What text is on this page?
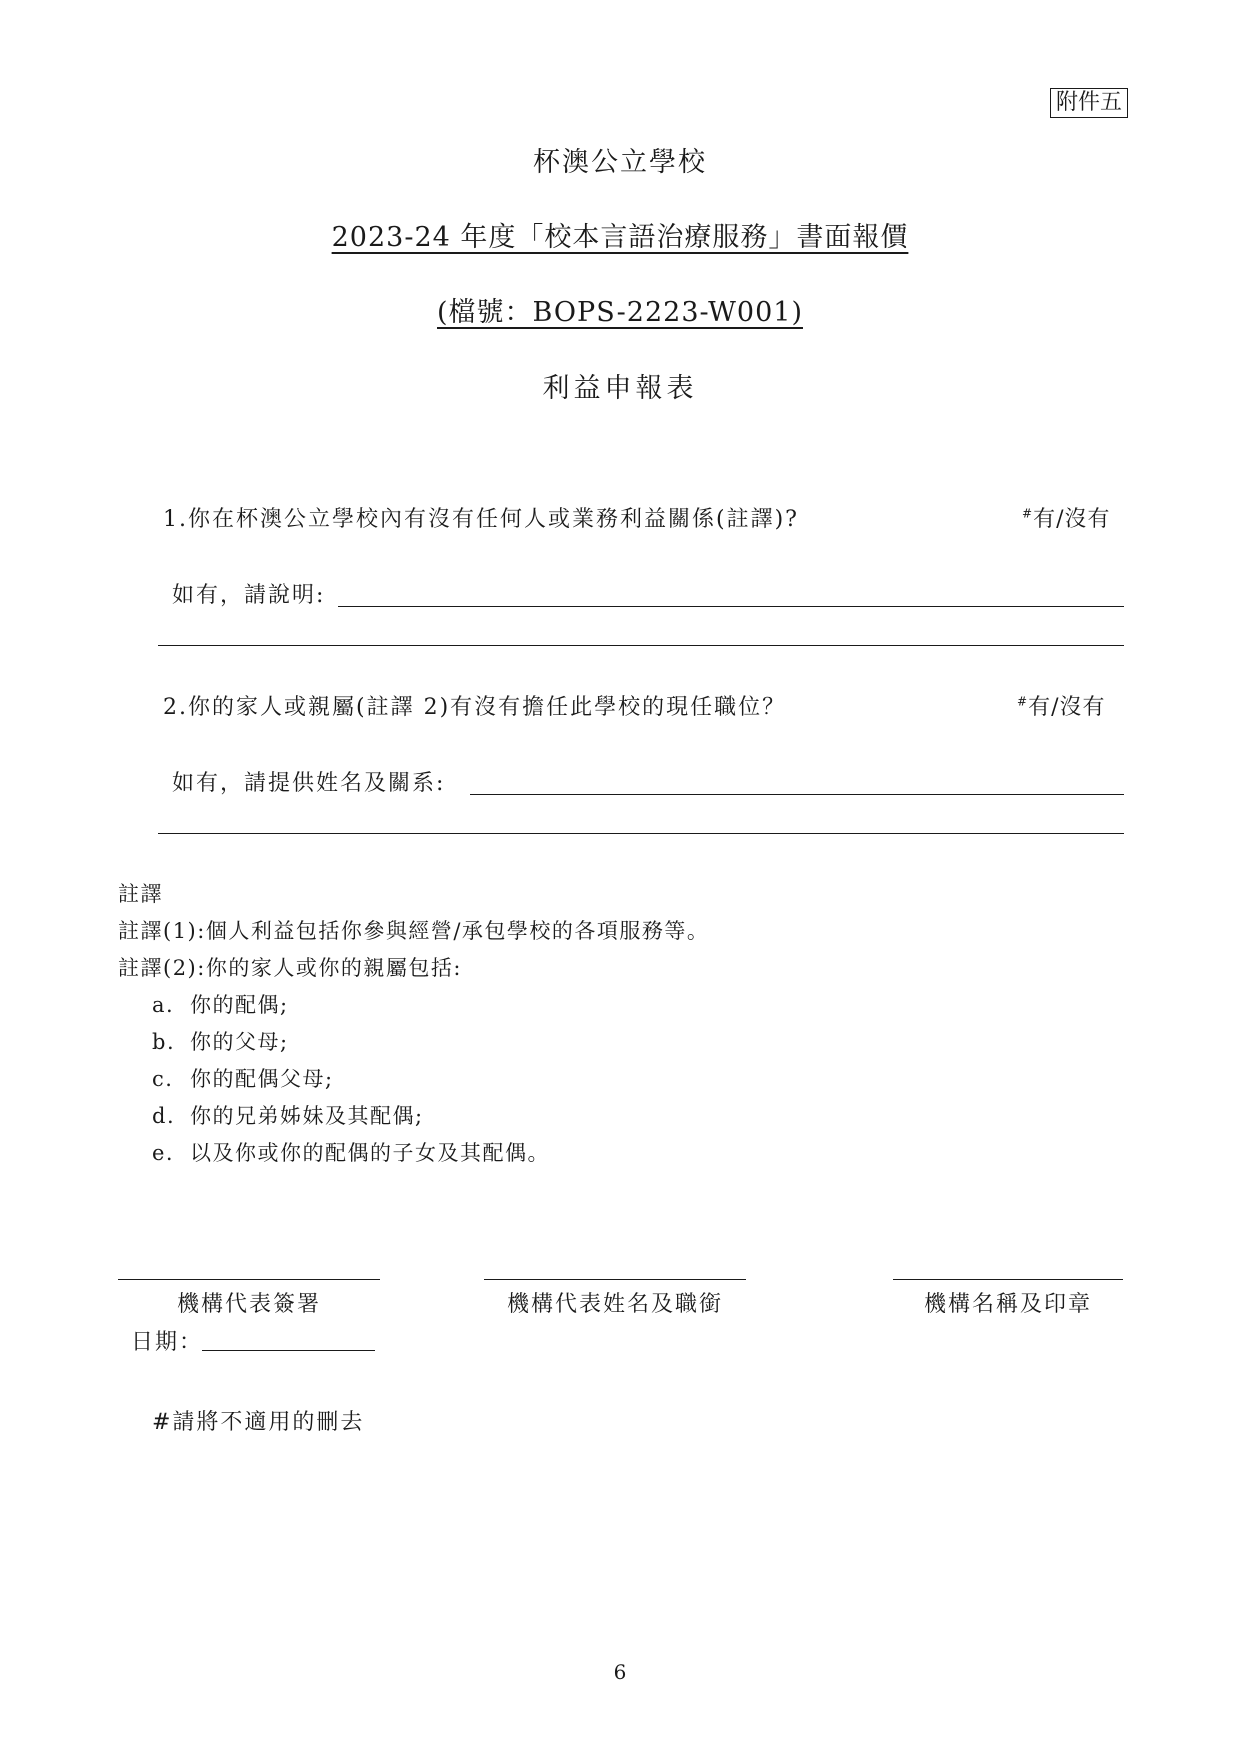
附件五
杯澳公立學校
2023-24 年度「校本言語治療服務」書面報價
(檔號：BOPS-2223-W001)
利益申報表
1.你在杯澳公立學校內有沒有任何人或業務利益關係(註譯)?	#有/沒有
如有，請說明:
2.你的家人或親屬(註譯 2)有沒有擔任此學校的現任職位？	#有/沒有
如有，請提供姓名及關系:
註譯
註譯(1):個人利益包括你參與經營/承包學校的各項服務等。
註譯(2):你的家人或你的親屬包括:
a. 你的配偶;
b. 你的父母;
c. 你的配偶父母;
d. 你的兄弟姊妹及其配偶;
e. 以及你或你的配偶的子女及其配偶。
機構代表簽署	機構代表姓名及職銜	機構名稱及印章
日期：
#請將不適用的刪去
6
